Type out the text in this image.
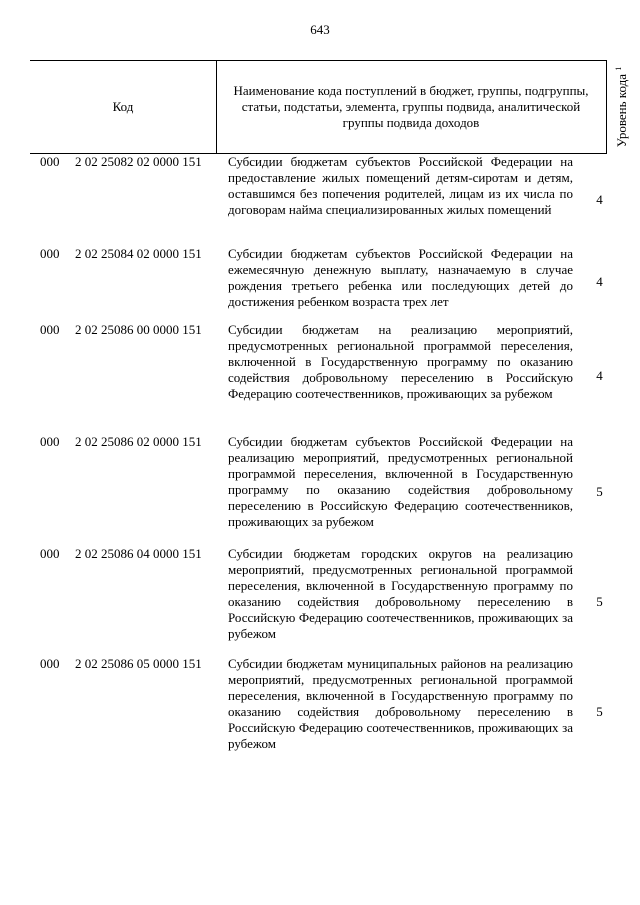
643
Код
Наименование кода поступлений в бюджет, группы, подгруппы, статьи, подстатьи, элемента, группы подвида, аналитической группы подвида доходов	Уровень кода $^1$
000 2 02 25082 02 0000 151 Субсидии бюджетам субъектов Российской Федерации на предоставление жилых помещений детям-сиротам и детям, оставшимся без попечения родителей, лицам из их числа по договорам найма специализированных жилых помещений
4
000 2 02 25084 02 0000 151 Субсидии бюджетам субъектов Российской Федерации на ежемесячную денежную выплату, назначаемую в случае рождения третьего ребенка или последующих детей до достижения ребенком возраста трех лет
4
000 2 02 25086 00 0000 151 Субсидии бюджетам на реализацию мероприятий, предусмотренных региональной программой переселения, включенной в Государственную программу по оказанию содействия добровольному переселению в Российскую Федерацию соотечественников, проживающих за рубежом
4
000 2 02 25086 02 0000 151 Субсидии бюджетам субъектов Российской Федерации на реализацию мероприятий, предусмотренных региональной программой переселения, включенной в Государственную программу по оказанию содействия добровольному переселению в Российскую Федерацию соотечественников, проживающих за рубежом
5
000 2 02 25086 04 0000 151 Субсидии бюджетам городских округов на реализацию мероприятий, предусмотренных региональной программой переселения, включенной в Государственную программу по оказанию содействия добровольному переселению в Российскую Федерацию соотечественников, проживающих за рубежом
5
000 2 02 25086 05 0000 151 Субсидии бюджетам муниципальных районов на реализацию мероприятий, предусмотренных региональной программой переселения, включенной в Государственную программу по оказанию содействия добровольному переселению в Российскую Федерацию соотечественников, проживающих за рубежом
5
